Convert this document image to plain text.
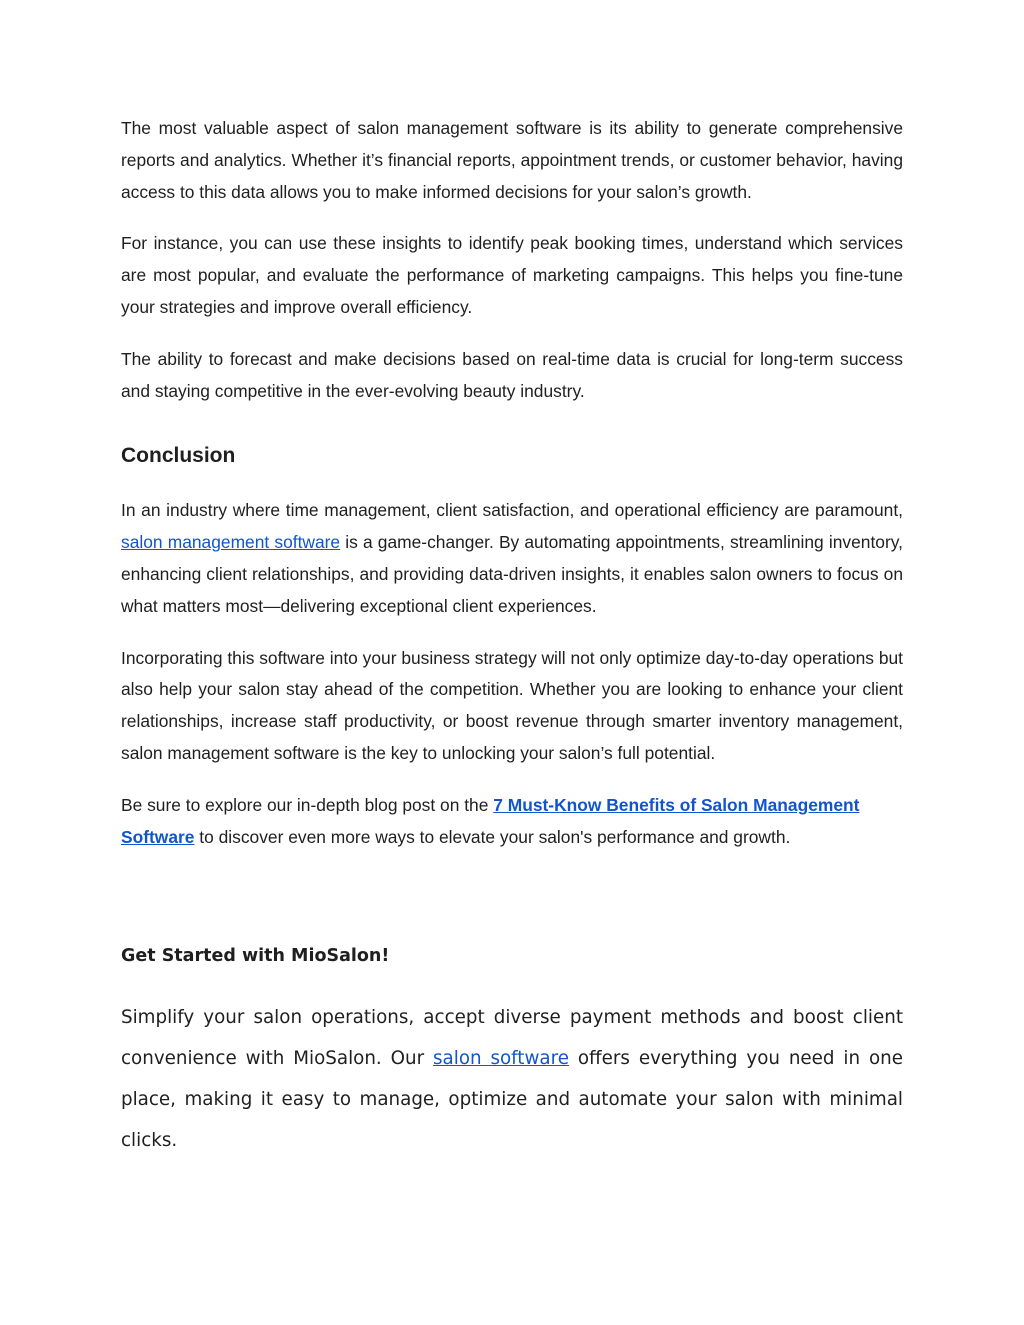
The most valuable aspect of salon management software is its ability to generate comprehensive reports and analytics. Whether it’s financial reports, appointment trends, or customer behavior, having access to this data allows you to make informed decisions for your salon’s growth.

For instance, you can use these insights to identify peak booking times, understand which services are most popular, and evaluate the performance of marketing campaigns. This helps you fine-tune your strategies and improve overall efficiency.

The ability to forecast and make decisions based on real-time data is crucial for long-term success and staying competitive in the ever-evolving beauty industry.

Conclusion

In an industry where time management, client satisfaction, and operational efficiency are paramount, salon management software is a game-changer. By automating appointments, streamlining inventory, enhancing client relationships, and providing data-driven insights, it enables salon owners to focus on what matters most—delivering exceptional client experiences.

Incorporating this software into your business strategy will not only optimize day-to-day operations but also help your salon stay ahead of the competition. Whether you are looking to enhance your client relationships, increase staff productivity, or boost revenue through smarter inventory management, salon management software is the key to unlocking your salon’s full potential.

Be sure to explore our in-depth blog post on the 7 Must-Know Benefits of Salon Management Software to discover even more ways to elevate your salon's performance and growth.

Get Started with MioSalon!

Simplify your salon operations, accept diverse payment methods and boost client convenience with MioSalon. Our salon software offers everything you need in one place, making it easy to manage, optimize and automate your salon with minimal clicks.
